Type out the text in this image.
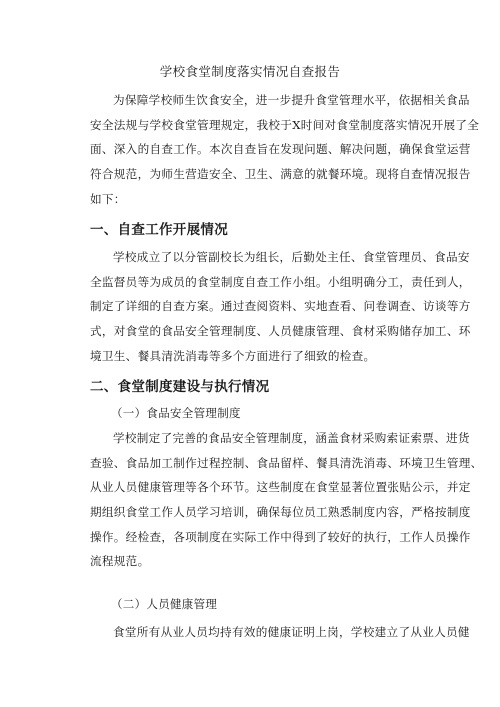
学校食堂制度落实情况自查报告
为保障学校师生饮食安全，进一步提升食堂管理水平，依据相关食品
安全法规与学校食堂管理规定，我校于X时间对食堂制度落实情况开展了全
面、深入的自查工作。本次自查旨在发现问题、解决问题，确保食堂运营
符合规范，为师生营造安全、卫生、满意的就餐环境。现将自查情况报告
如下：
一、自查工作开展情况
学校成立了以分管副校长为组长，后勤处主任、食堂管理员、食品安
全监督员等为成员的食堂制度自查工作小组。小组明确分工，责任到人，
制定了详细的自查方案。通过查阅资料、实地查看、问卷调查、访谈等方
式，对食堂的食品安全管理制度、人员健康管理、食材采购储存加工、环
境卫生、餐具清洗消毒等多个方面进行了细致的检查。
二、食堂制度建设与执行情况
（一）食品安全管理制度
学校制定了完善的食品安全管理制度，涵盖食材采购索证索票、进货
查验、食品加工制作过程控制、食品留样、餐具清洗消毒、环境卫生管理、
从业人员健康管理等各个环节。这些制度在食堂显著位置张贴公示，并定
期组织食堂工作人员学习培训，确保每位员工熟悉制度内容，严格按制度
操作。经检查，各项制度在实际工作中得到了较好的执行，工作人员操作
流程规范。
（二）人员健康管理
食堂所有从业人员均持有效的健康证明上岗，学校建立了从业人员健
